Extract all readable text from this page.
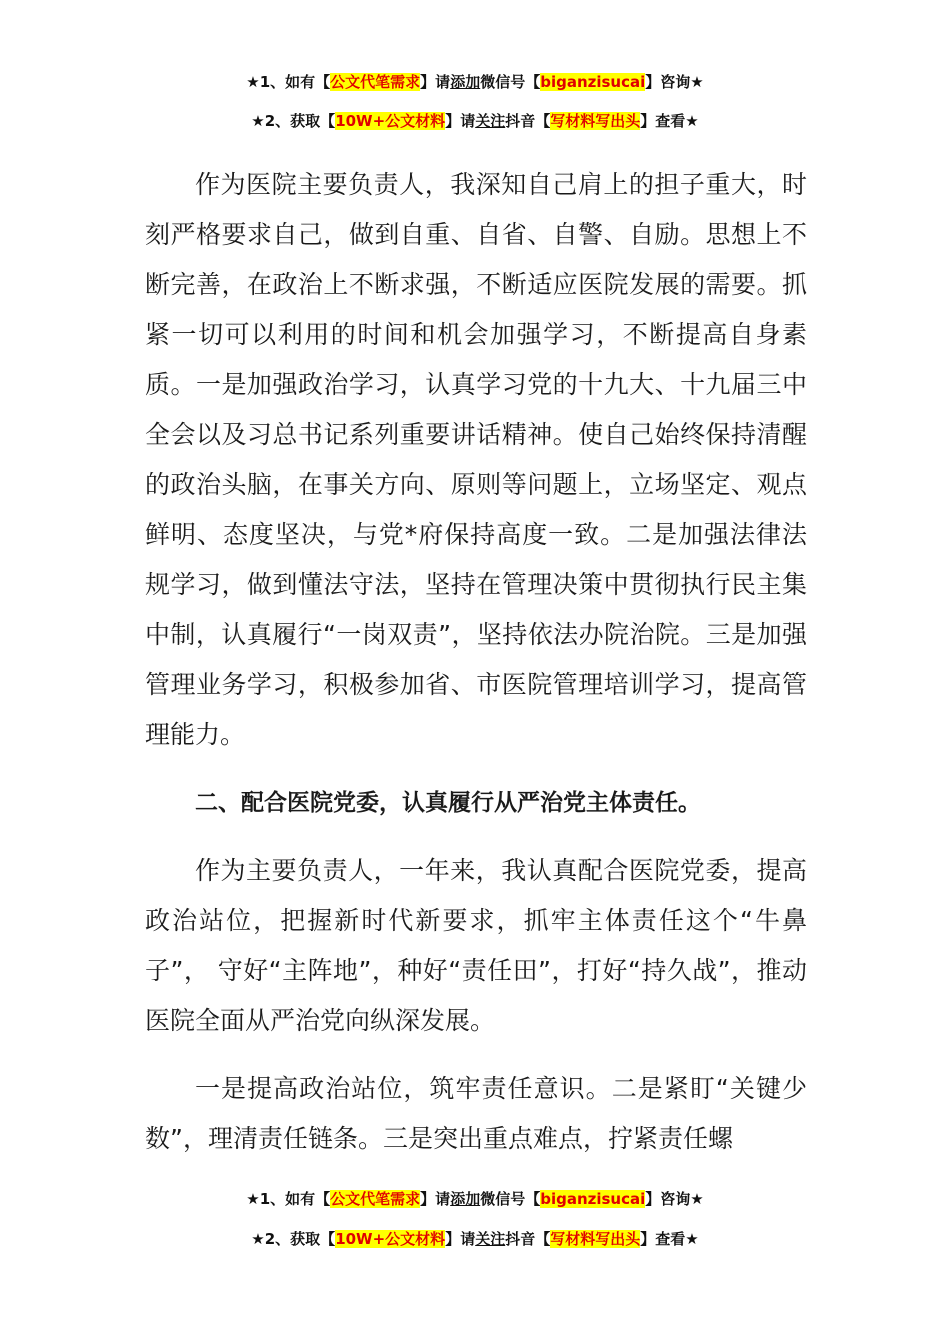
★1、如有【公文代笔需求】请添加微信号【biganzisucai】咨询★
★2、获取【10W+公文材料】请关注抖音【写材料写出头】查看★

作为医院主要负责人，我深知自己肩上的担子重大，时刻严格要求自己，做到自重、自省、自警、自励。思想上不断完善，在政治上不断求强，不断适应医院发展的需要。抓紧一切可以利用的时间和机会加强学习，不断提高自身素质。一是加强政治学习，认真学习党的十九大、十九届三中全会以及习总书记系列重要讲话精神。使自己始终保持清醒的政治头脑，在事关方向、原则等问题上，立场坚定、观点鲜明、态度坚决，与党*府保持高度一致。二是加强法律法规学习，做到懂法守法，坚持在管理决策中贯彻执行民主集中制，认真履行“一岗双责”，坚持依法办院治院。三是加强管理业务学习，积极参加省、市医院管理培训学习，提高管理能力。

二、配合医院党委，认真履行从严治党主体责任。

作为主要负责人，一年来，我认真配合医院党委，提高政治站位，把握新时代新要求，抓牢主体责任这个“牛鼻子”， 守好“主阵地”，种好“责任田”，打好“持久战”，推动医院全面从严治党向纵深发展。

一是提高政治站位，筑牢责任意识。二是紧盯“关键少数”，理清责任链条。三是突出重点难点，拧紧责任螺

★1、如有【公文代笔需求】请添加微信号【biganzisucai】咨询★
★2、获取【10W+公文材料】请关注抖音【写材料写出头】查看★
